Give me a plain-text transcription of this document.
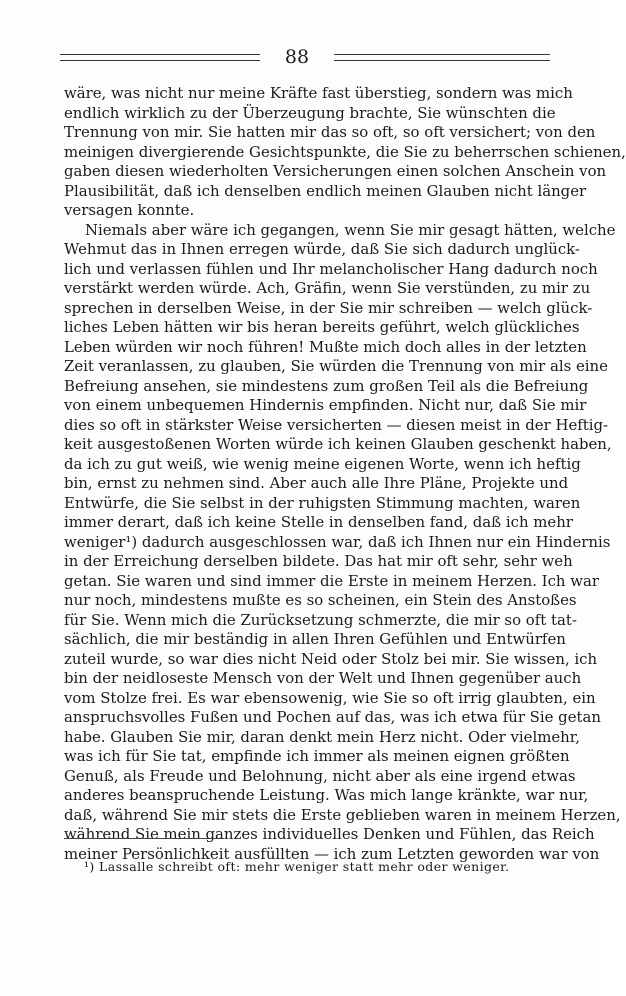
88
wäre, was nicht nur meine Kräfte fast überstieg, sondern was mich
endlich wirklich zu der Überzeugung brachte, Sie wünschten die
Trennung von mir. Sie hatten mir das so oft, so oft versichert; von den
meinigen divergierende Gesichtspunkte, die Sie zu beherrschen schienen,
gaben diesen wiederholten Versicherungen einen solchen Anschein von
Plausibilität, daß ich denselben endlich meinen Glauben nicht länger
versagen konnte.
Niemals aber wäre ich gegangen, wenn Sie mir gesagt hätten, welche
Wehmut das in Ihnen erregen würde, daß Sie sich dadurch unglück-
lich und verlassen fühlen und Ihr melancholischer Hang dadurch noch
verstärkt werden würde. Ach, Gräfin, wenn Sie verstünden, zu mir zu
sprechen in derselben Weise, in der Sie mir schreiben — welch glück-
liches Leben hätten wir bis heran bereits geführt, welch glückliches
Leben würden wir noch führen! Mußte mich doch alles in der letzten
Zeit veranlassen, zu glauben, Sie würden die Trennung von mir als eine
Befreiung ansehen, sie mindestens zum großen Teil als die Befreiung
von einem unbequemen Hindernis empfinden. Nicht nur, daß Sie mir
dies so oft in stärkster Weise versicherten — diesen meist in der Heftig-
keit ausgestoßenen Worten würde ich keinen Glauben geschenkt haben,
da ich zu gut weiß, wie wenig meine eigenen Worte, wenn ich heftig
bin, ernst zu nehmen sind. Aber auch alle Ihre Pläne, Projekte und
Entwürfe, die Sie selbst in der ruhigsten Stimmung machten, waren
immer derart, daß ich keine Stelle in denselben fand, daß ich mehr
weniger¹) dadurch ausgeschlossen war, daß ich Ihnen nur ein Hindernis
in der Erreichung derselben bildete. Das hat mir oft sehr, sehr weh
getan. Sie waren und sind immer die Erste in meinem Herzen. Ich war
nur noch, mindestens mußte es so scheinen, ein Stein des Anstoßes
für Sie. Wenn mich die Zurücksetzung schmerzte, die mir so oft tat-
sächlich, die mir beständig in allen Ihren Gefühlen und Entwürfen
zuteil wurde, so war dies nicht Neid oder Stolz bei mir. Sie wissen, ich
bin der neidloseste Mensch von der Welt und Ihnen gegenüber auch
vom Stolze frei. Es war ebensowenig, wie Sie so oft irrig glaubten, ein
anspruchsvolles Fußen und Pochen auf das, was ich etwa für Sie getan
habe. Glauben Sie mir, daran denkt mein Herz nicht. Oder vielmehr,
was ich für Sie tat, empfinde ich immer als meinen eignen größten
Genuß, als Freude und Belohnung, nicht aber als eine irgend etwas
anderes beanspruchende Leistung. Was mich lange kränkte, war nur,
daß, während Sie mir stets die Erste geblieben waren in meinem Herzen,
während Sie mein ganzes individuelles Denken und Fühlen, das Reich
meiner Persönlichkeit ausfüllten — ich zum Letzten geworden war von
¹) Lassalle schreibt oft: mehr weniger statt mehr oder weniger.
